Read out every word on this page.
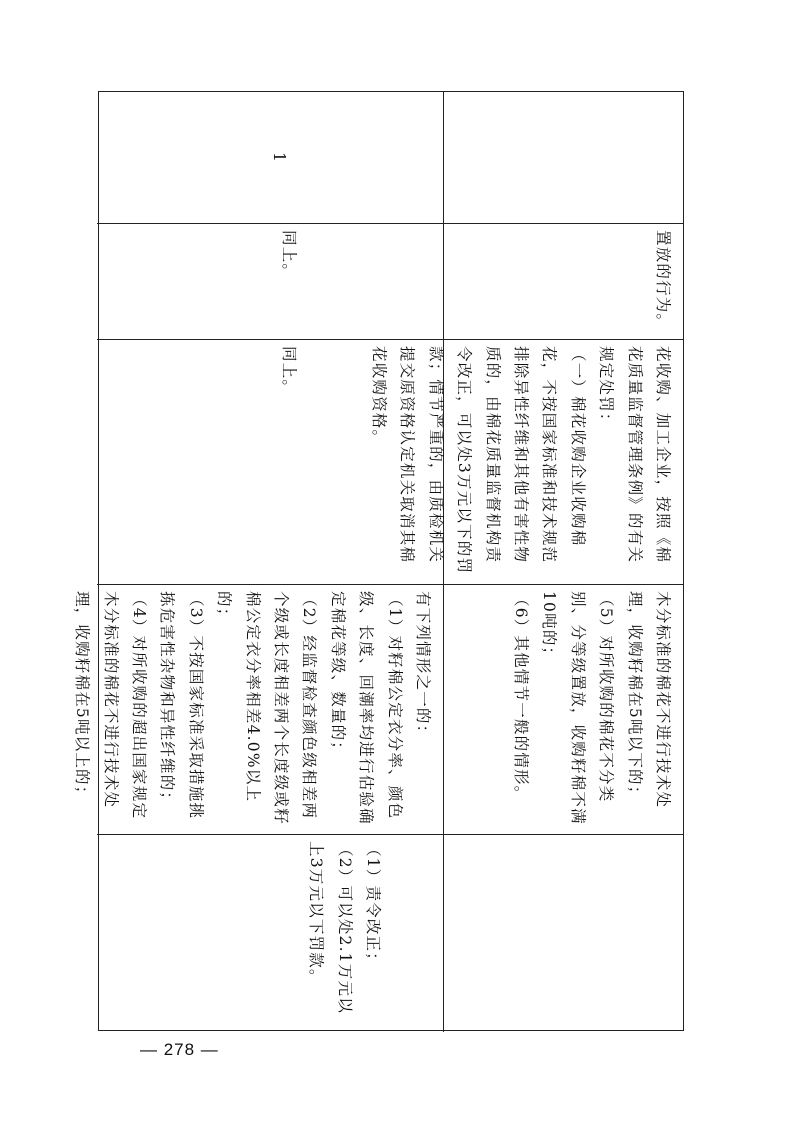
置放的行为。
花收购、加工企业，按照《棉花质量监督管理条例》的有关规定处罚：
（一）棉花收购企业收购棉花，不按国家标准和技术规范排除异性纤维和其他有害性物质的，由棉花质量监督机构责令改正，可以处3万元以下的罚款；情节严重的，由质检机关提交原资格认定机关取消其棉花收购资格。
木分标准的棉花不进行技术处理，收购籽棉在5吨以下的；
（5）对所收购的棉花不分类别、分等级置放，收购籽棉不满10吨的；
（6）其他情节一般的情形。
1
同上。
同上。
有下列情形之一的：
（1）对籽棉公定衣分率、颜色级、长度、回潮率均进行估验确定棉花等级、数量的；
（2）经监督检查颜色级相差两个级或长度相差两个长度级或籽棉公定衣分率相差4.0%以上的；
（3）不按国家标准采取措施挑拣危害性杂物和异性纤维的；
（4）对所收购的超出国家规定木分标准的棉花不进行技术处理，收购籽棉在5吨以上的；
（1）责令改正；
（2）可以处2.1万元以上3万元以下罚款。
— 278 —
